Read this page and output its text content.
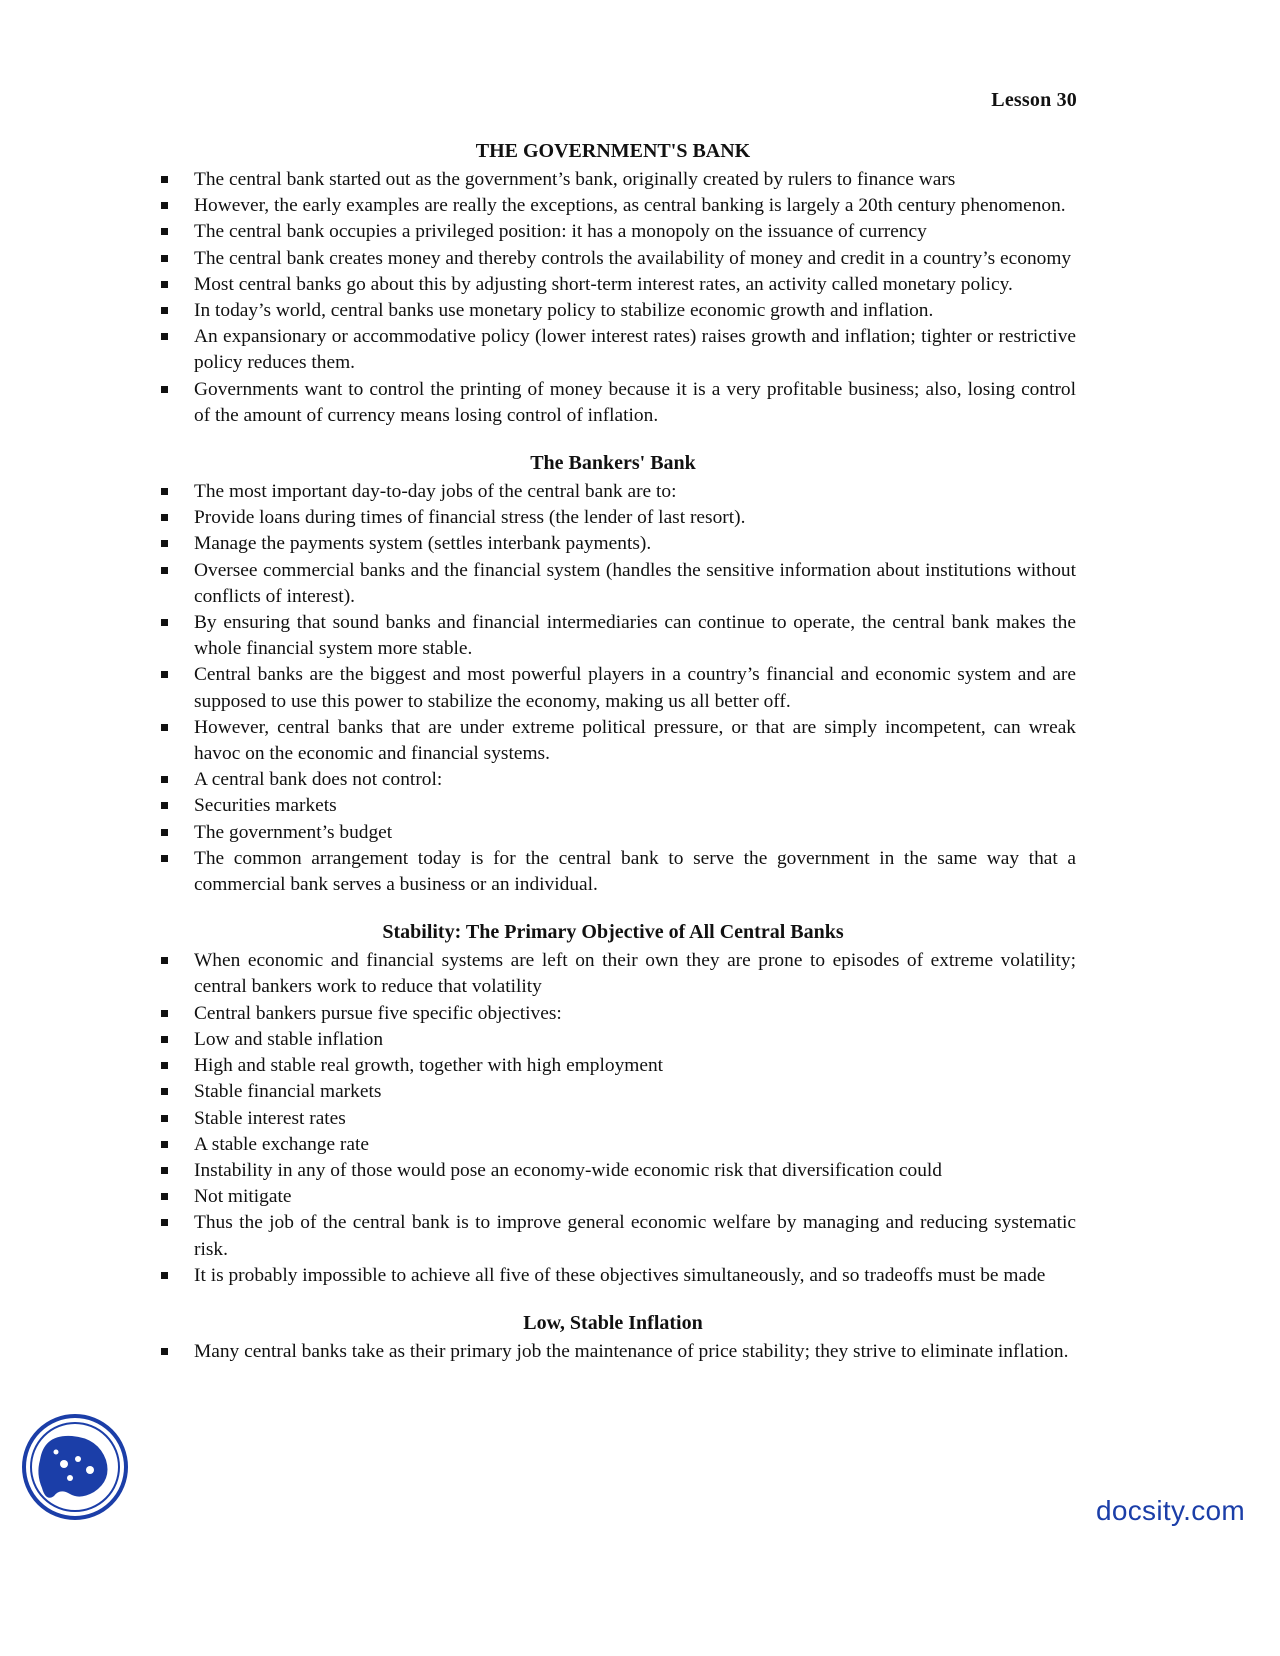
Lesson 30
THE GOVERNMENT'S BANK
The central bank started out as the government’s bank, originally created by rulers to finance wars
However, the early examples are really the exceptions, as central banking is largely a 20th century phenomenon.
The central bank occupies a privileged position: it has a monopoly on the issuance of currency
The central bank creates money and thereby controls the availability of money and credit in a country’s economy
Most central banks go about this by adjusting short-term interest rates, an activity called monetary policy.
In today’s world, central banks use monetary policy to stabilize economic growth and inflation.
An expansionary or accommodative policy (lower interest rates) raises growth and inflation; tighter or restrictive policy reduces them.
Governments want to control the printing of money because it is a very profitable business; also, losing control of the amount of currency means losing control of inflation.
The Bankers' Bank
The most important day-to-day jobs of the central bank are to:
Provide loans during times of financial stress (the lender of last resort).
Manage the payments system (settles interbank payments).
Oversee commercial banks and the financial system (handles the sensitive information about institutions without conflicts of interest).
By ensuring that sound banks and financial intermediaries can continue to operate, the central bank makes the whole financial system more stable.
Central banks are the biggest and most powerful players in a country’s financial and economic system and are supposed to use this power to stabilize the economy, making us all better off.
However, central banks that are under extreme political pressure, or that are simply incompetent, can wreak havoc on the economic and financial systems.
A central bank does not control:
Securities markets
The government’s budget
The common arrangement today is for the central bank to serve the government in the same way that a commercial bank serves a business or an individual.
Stability: The Primary Objective of All Central Banks
When economic and financial systems are left on their own they are prone to episodes of extreme volatility; central bankers work to reduce that volatility
Central bankers pursue five specific objectives:
Low and stable inflation
High and stable real growth, together with high employment
Stable financial markets
Stable interest rates
A stable exchange rate
Instability in any of those would pose an economy-wide economic risk that diversification could
Not mitigate
Thus the job of the central bank is to improve general economic welfare by managing and reducing systematic risk.
It is probably impossible to achieve all five of these objectives simultaneously, and so tradeoffs must be made
Low, Stable Inflation
Many central banks take as their primary job the maintenance of price stability; they strive to eliminate inflation.
docsity.com
